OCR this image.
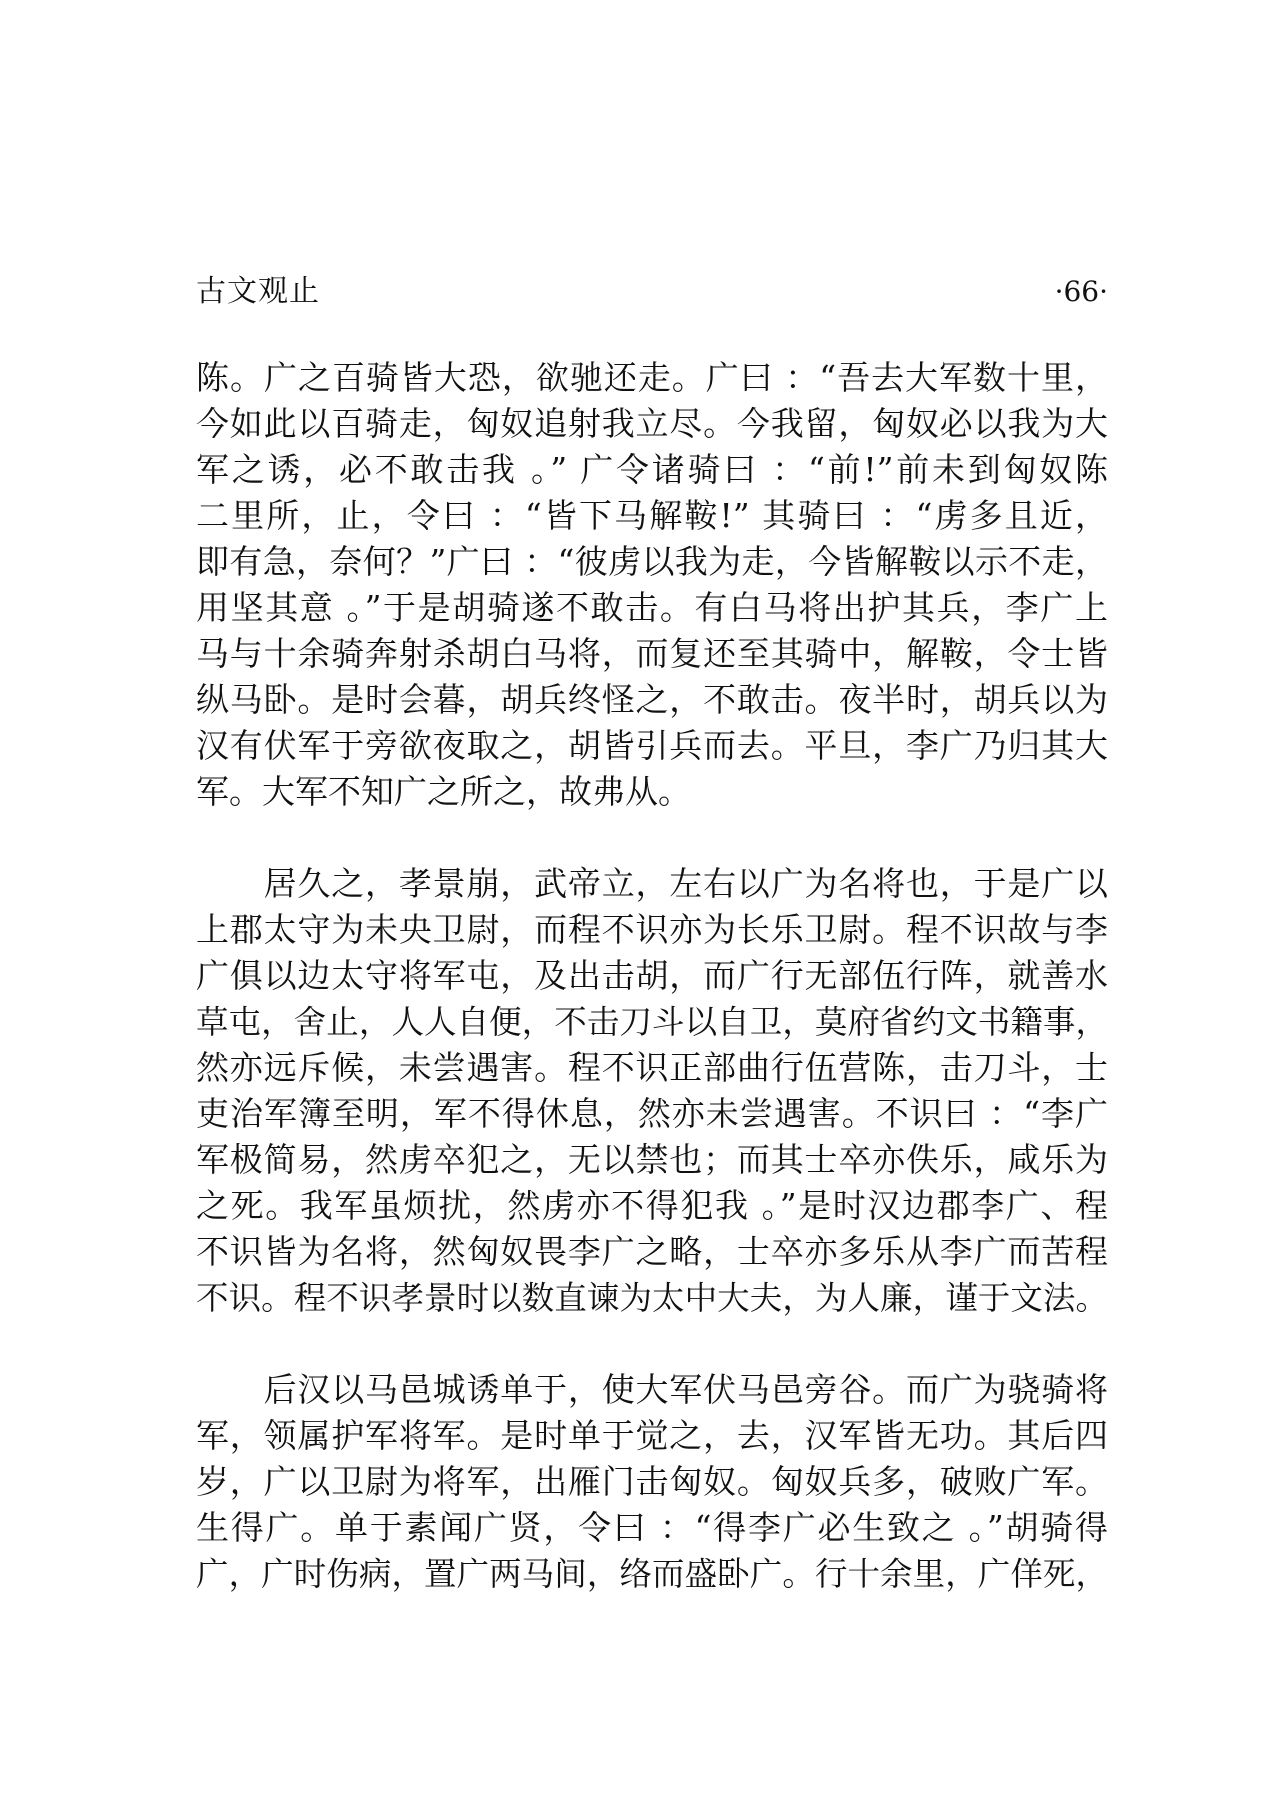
古文观止	·66·
陈。广之百骑皆大恐，欲驰还走。广曰 ：“吾去大军数十里，
今如此以百骑走，匈奴追射我立尽。今我留，匈奴必以我为大
军之诱，必不敢击我 。” 广令诸骑曰 ：“前!”前未到匈奴陈
二里所，止，令曰 ：“皆下马解鞍!” 其骑曰 ：“虏多且近，
即有急，奈何？”广曰 ：“彼虏以我为走，今皆解鞍以示不走，
用坚其意 。”于是胡骑遂不敢击。有白马将出护其兵，李广上
马与十余骑奔射杀胡白马将，而复还至其骑中，解鞍，令士皆
纵马卧。是时会暮，胡兵终怪之，不敢击。夜半时，胡兵以为
汉有伏军于旁欲夜取之，胡皆引兵而去。平旦，李广乃归其大
军。大军不知广之所之，故弗从。
　　居久之，孝景崩，武帝立，左右以广为名将也，于是广以
上郡太守为未央卫尉，而程不识亦为长乐卫尉。程不识故与李
广俱以边太守将军屯，及出击胡，而广行无部伍行阵，就善水
草屯，舍止，人人自便，不击刀斗以自卫，莫府省约文书籍事，
然亦远斥候，未尝遇害。程不识正部曲行伍营陈，击刀斗，士
吏治军簿至明，军不得休息，然亦未尝遇害。不识曰 ：“李广
军极简易，然虏卒犯之，无以禁也；而其士卒亦佚乐，咸乐为
之死。我军虽烦扰，然虏亦不得犯我 。”是时汉边郡李广、程
不识皆为名将，然匈奴畏李广之略，士卒亦多乐从李广而苦程
不识。程不识孝景时以数直谏为太中大夫，为人廉，谨于文法。
　　后汉以马邑城诱单于，使大军伏马邑旁谷。而广为骁骑将
军，领属护军将军。是时单于觉之，去，汉军皆无功。其后四
岁，广以卫尉为将军，出雁门击匈奴。匈奴兵多，破败广军。
生得广。单于素闻广贤，令曰 ：“得李广必生致之 。”胡骑得
广，广时伤病，置广两马间，络而盛卧广。行十余里，广佯死，
